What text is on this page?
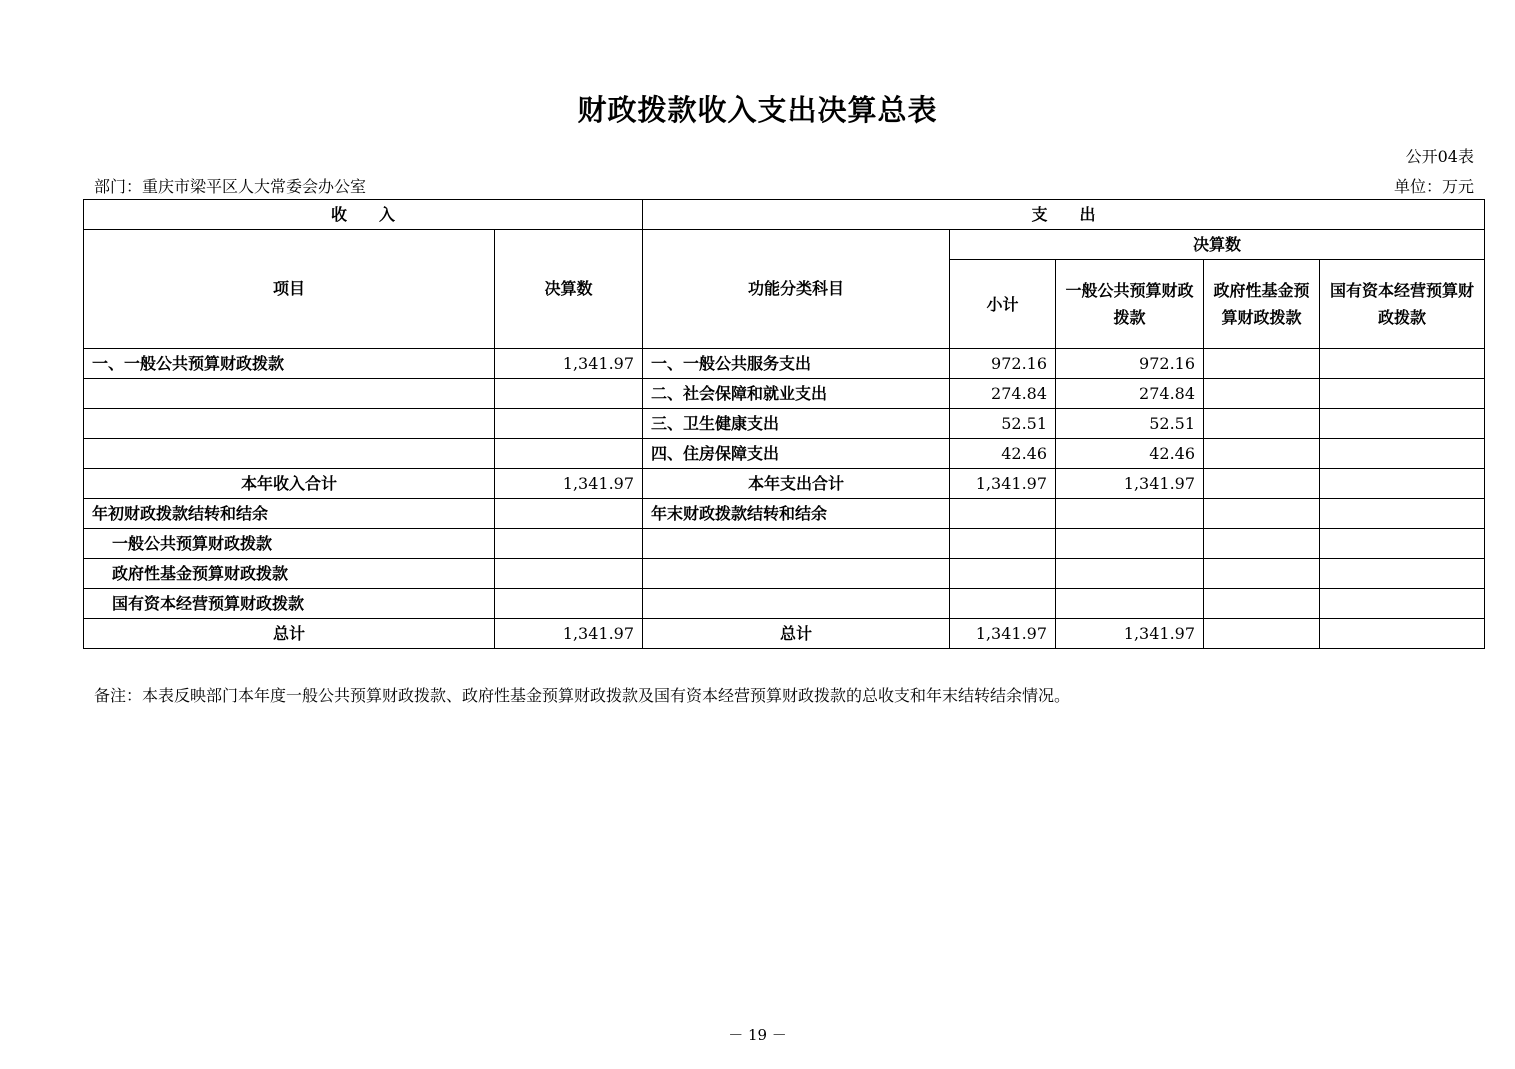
财政拨款收入支出决算总表
公开04表
部门：重庆市梁平区人大常委会办公室	单位：万元
收　　入		支　　出				
项目	决算数	功能分类科目	决算数			
			小计	一般公共预算财政拨款	政府性基金预算财政拨款	国有资本经营预算财政拨款
一、一般公共预算财政拨款	1,341.97	一、一般公共服务支出	972.16	972.16		
		二、社会保障和就业支出	274.84	274.84		
		三、卫生健康支出	52.51	52.51		
		四、住房保障支出	42.46	42.46		
本年收入合计	1,341.97	本年支出合计	1,341.97	1,341.97		
年初财政拨款结转和结余		年末财政拨款结转和结余				
一般公共预算财政拨款						
政府性基金预算财政拨款						
国有资本经营预算财政拨款						
总计	1,341.97	总计	1,341.97	1,341.97		
备注：本表反映部门本年度一般公共预算财政拨款、政府性基金预算财政拨款及国有资本经营预算财政拨款的总收支和年末结转结余情况。
－ 19 －
